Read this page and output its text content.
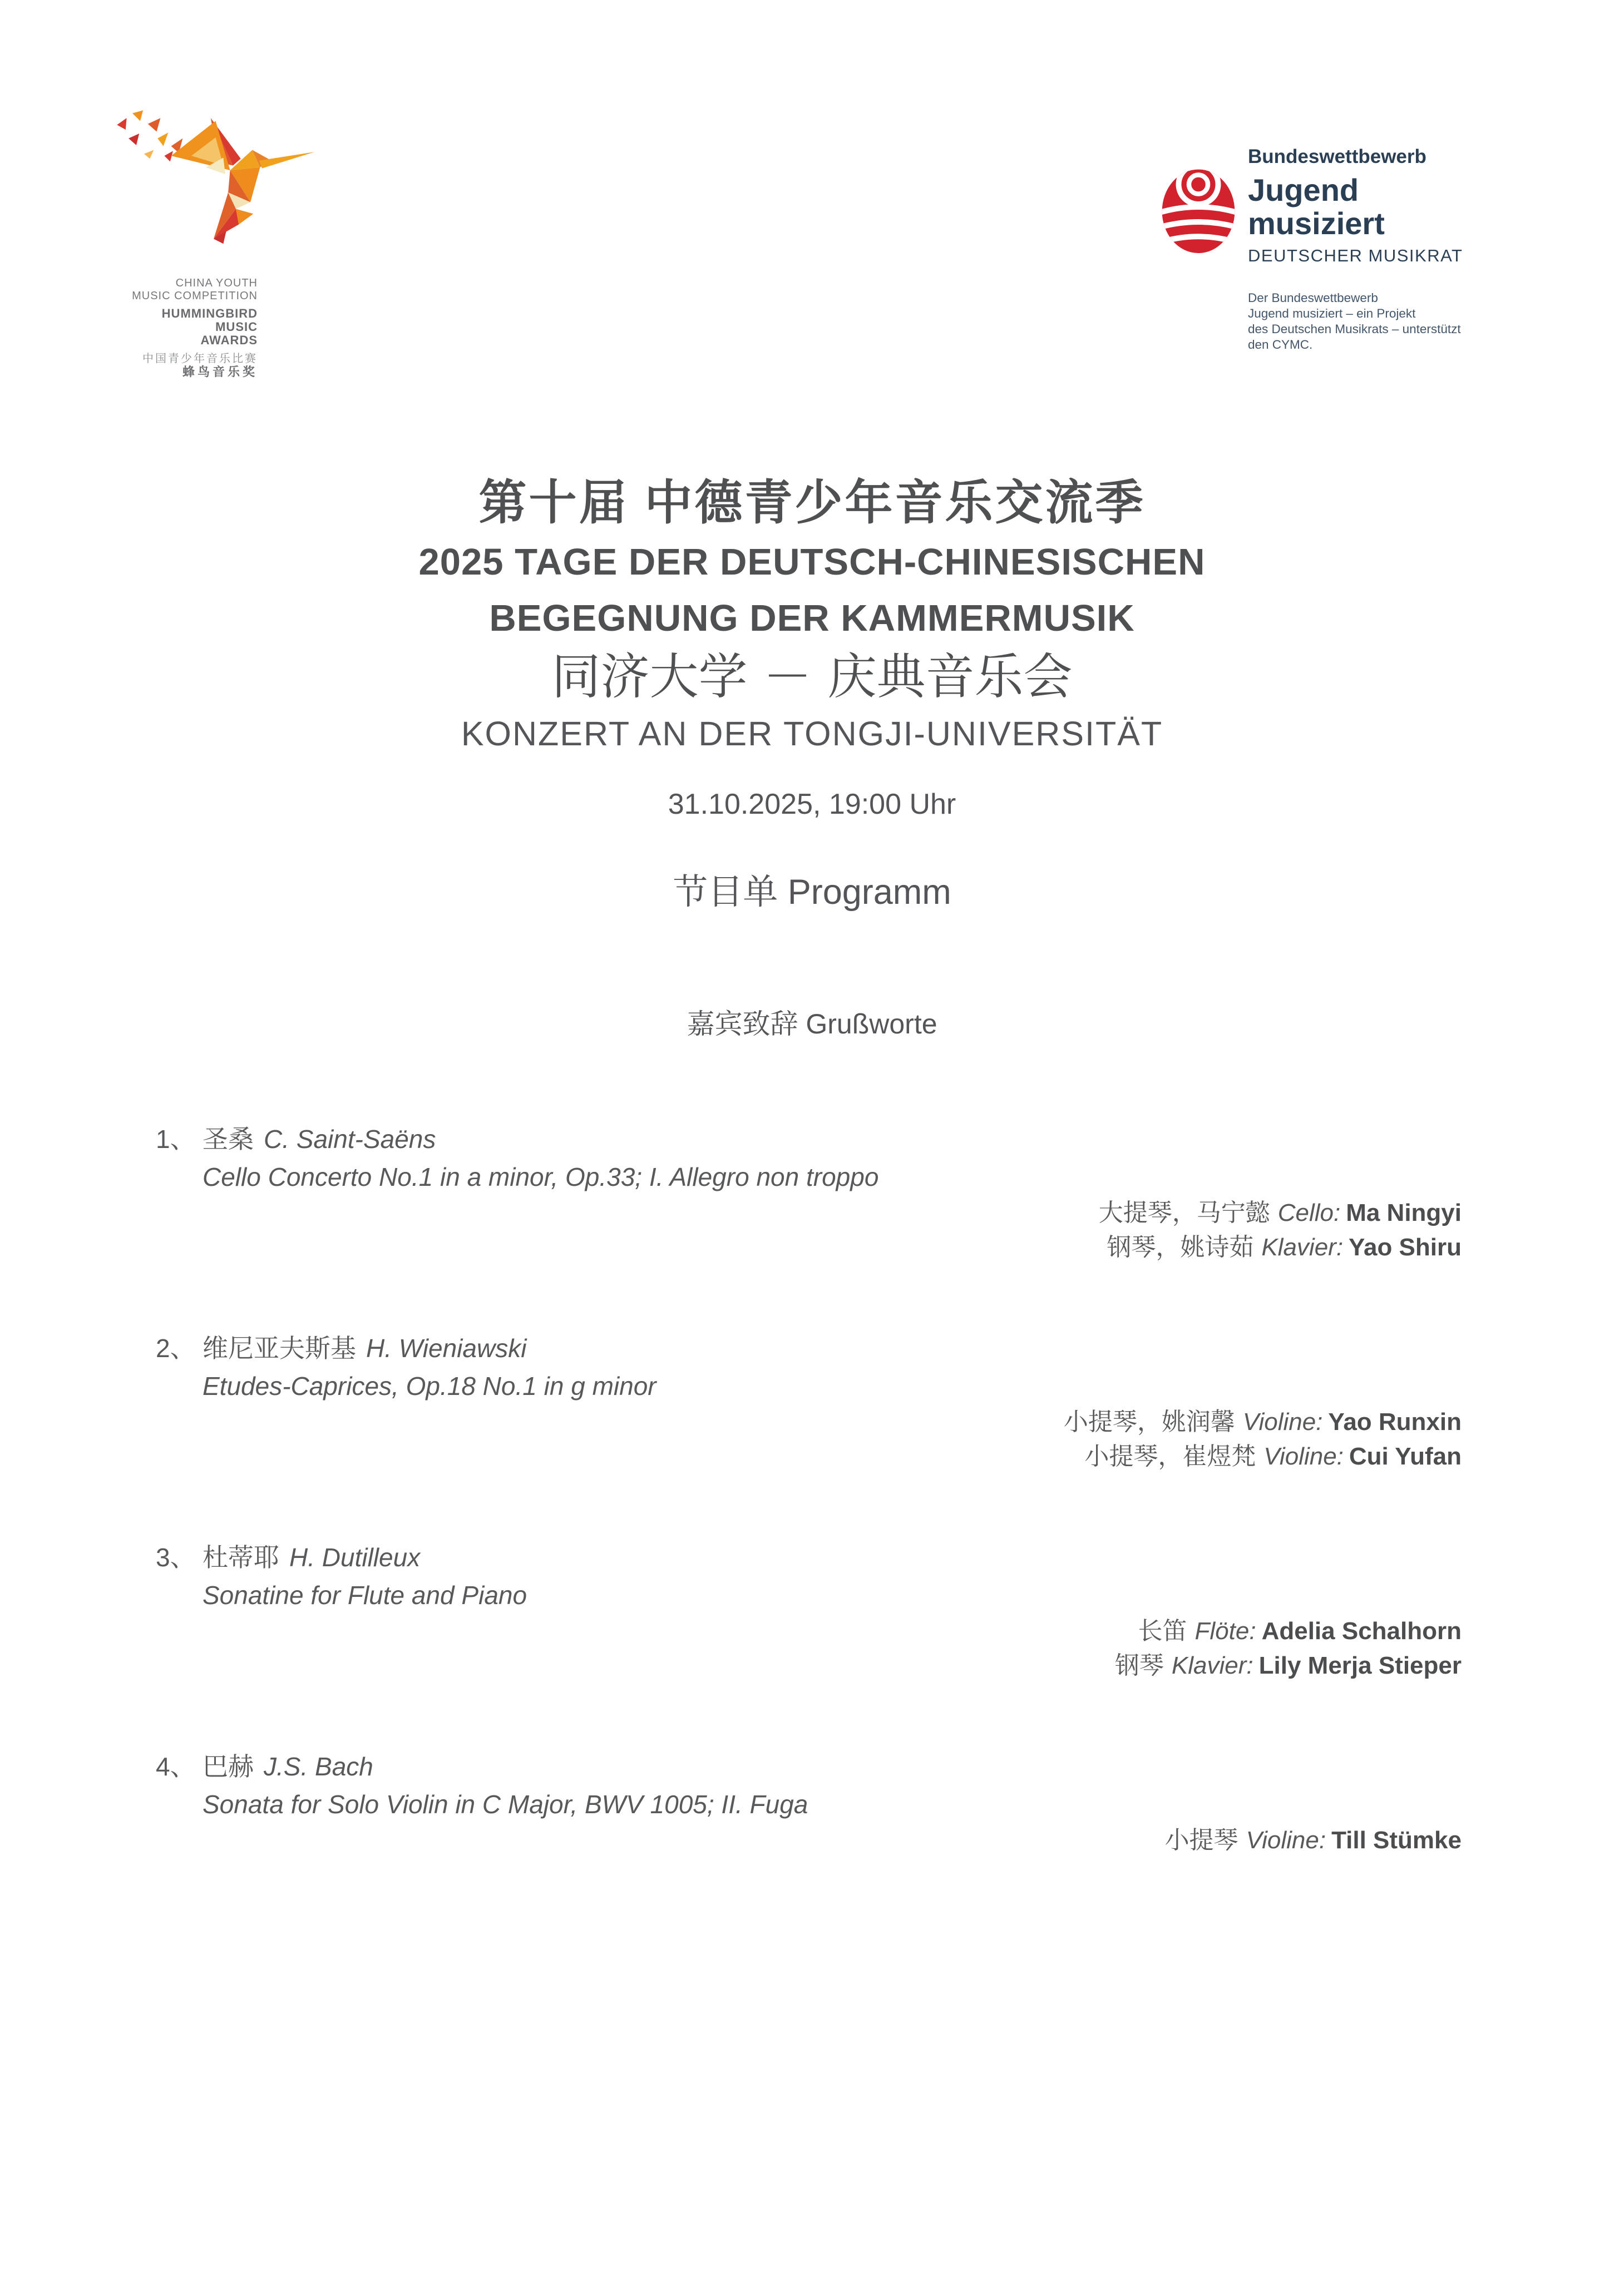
CHINA YOUTH
MUSIC COMPETITION
HUMMINGBIRD
MUSIC
AWARDS
中国青少年音乐比赛
蜂鸟音乐奖
Bundeswettbewerb
Jugend
musiziert
DEUTSCHER MUSIKRAT
Der Bundeswettbewerb
Jugend musiziert – ein Projekt
des Deutschen Musikrats – unterstützt
den CYMC.
第十届 中德青少年音乐交流季
2025 TAGE DER DEUTSCH-CHINESISCHEN
BEGEGNUNG DER KAMMERMUSIK
同济大学 － 庆典音乐会
KONZERT AN DER TONGJI-UNIVERSITÄT
31.10.2025, 19:00 Uhr
节目单 Programm
嘉宾致辞 Grußworte
1、 圣桑 C. Saint-Saëns
Cello Concerto No.1 in a minor, Op.33; I. Allegro non troppo
大提琴，马宁懿 Cello: Ma Ningyi
钢琴，姚诗茹 Klavier: Yao Shiru
2、 维尼亚夫斯基 H. Wieniawski
Etudes-Caprices, Op.18 No.1 in g minor
小提琴，姚润馨 Violine: Yao Runxin
小提琴，崔煜梵 Violine: Cui Yufan
3、 杜蒂耶 H. Dutilleux
Sonatine for Flute and Piano
长笛 Flöte: Adelia Schalhorn
钢琴 Klavier: Lily Merja Stieper
4、 巴赫 J.S. Bach
Sonata for Solo Violin in C Major, BWV 1005; II. Fuga
小提琴 Violine: Till Stümke
